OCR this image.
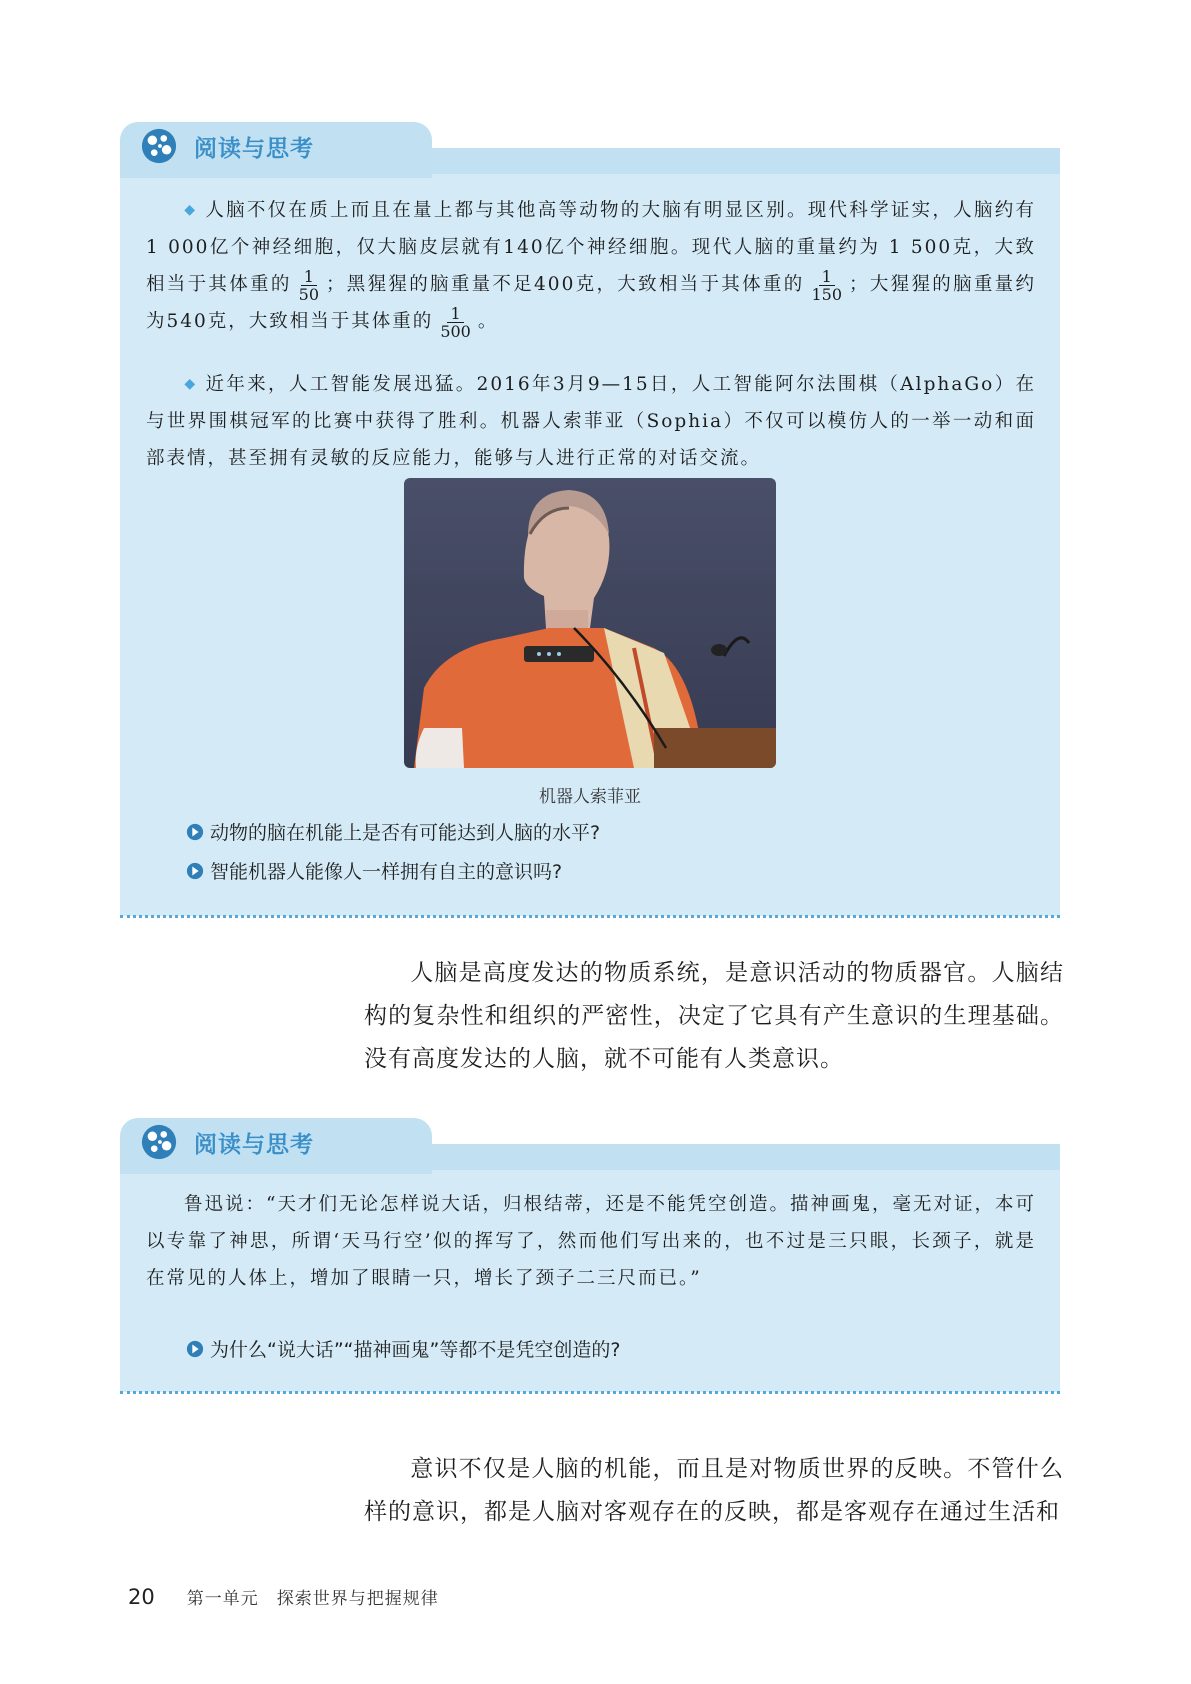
阅读与思考
◆ 人脑不仅在质上而且在量上都与其他高等动物的大脑有明显区别。现代科学证实，人脑约有1 000亿个神经细胞，仅大脑皮层就有140亿个神经细胞。现代人脑的重量约为 1 500克，大致相当于其体重的 $\frac{1}{50}$ ；黑猩猩的脑重量不足400克，大致相当于其体重的 $\frac{1}{150}$ ；大猩猩的脑重量约为540克，大致相当于其体重的 $\frac{1}{500}$ 。
◆ 近年来，人工智能发展迅猛。2016年3月9—15日，人工智能阿尔法围棋（AlphaGo）在与世界围棋冠军的比赛中获得了胜利。机器人索菲亚（Sophia）不仅可以模仿人的一举一动和面部表情，甚至拥有灵敏的反应能力，能够与人进行正常的对话交流。
机器人索菲亚
动物的脑在机能上是否有可能达到人脑的水平?
智能机器人能像人一样拥有自主的意识吗?
人脑是高度发达的物质系统，是意识活动的物质器官。人脑结构的复杂性和组织的严密性，决定了它具有产生意识的生理基础。没有高度发达的人脑，就不可能有人类意识。
阅读与思考
鲁迅说：“天才们无论怎样说大话，归根结蒂，还是不能凭空创造。描神画鬼，毫无对证，本可以专靠了神思，所谓‘天马行空’似的挥写了，然而他们写出来的，也不过是三只眼，长颈子，就是在常见的人体上，增加了眼睛一只，增长了颈子二三尺而已。”
为什么“说大话”“描神画鬼”等都不是凭空创造的?
意识不仅是人脑的机能，而且是对物质世界的反映。不管什么样的意识，都是人脑对客观存在的反映，都是客观存在通过生活和
20 第一单元　探索世界与把握规律
